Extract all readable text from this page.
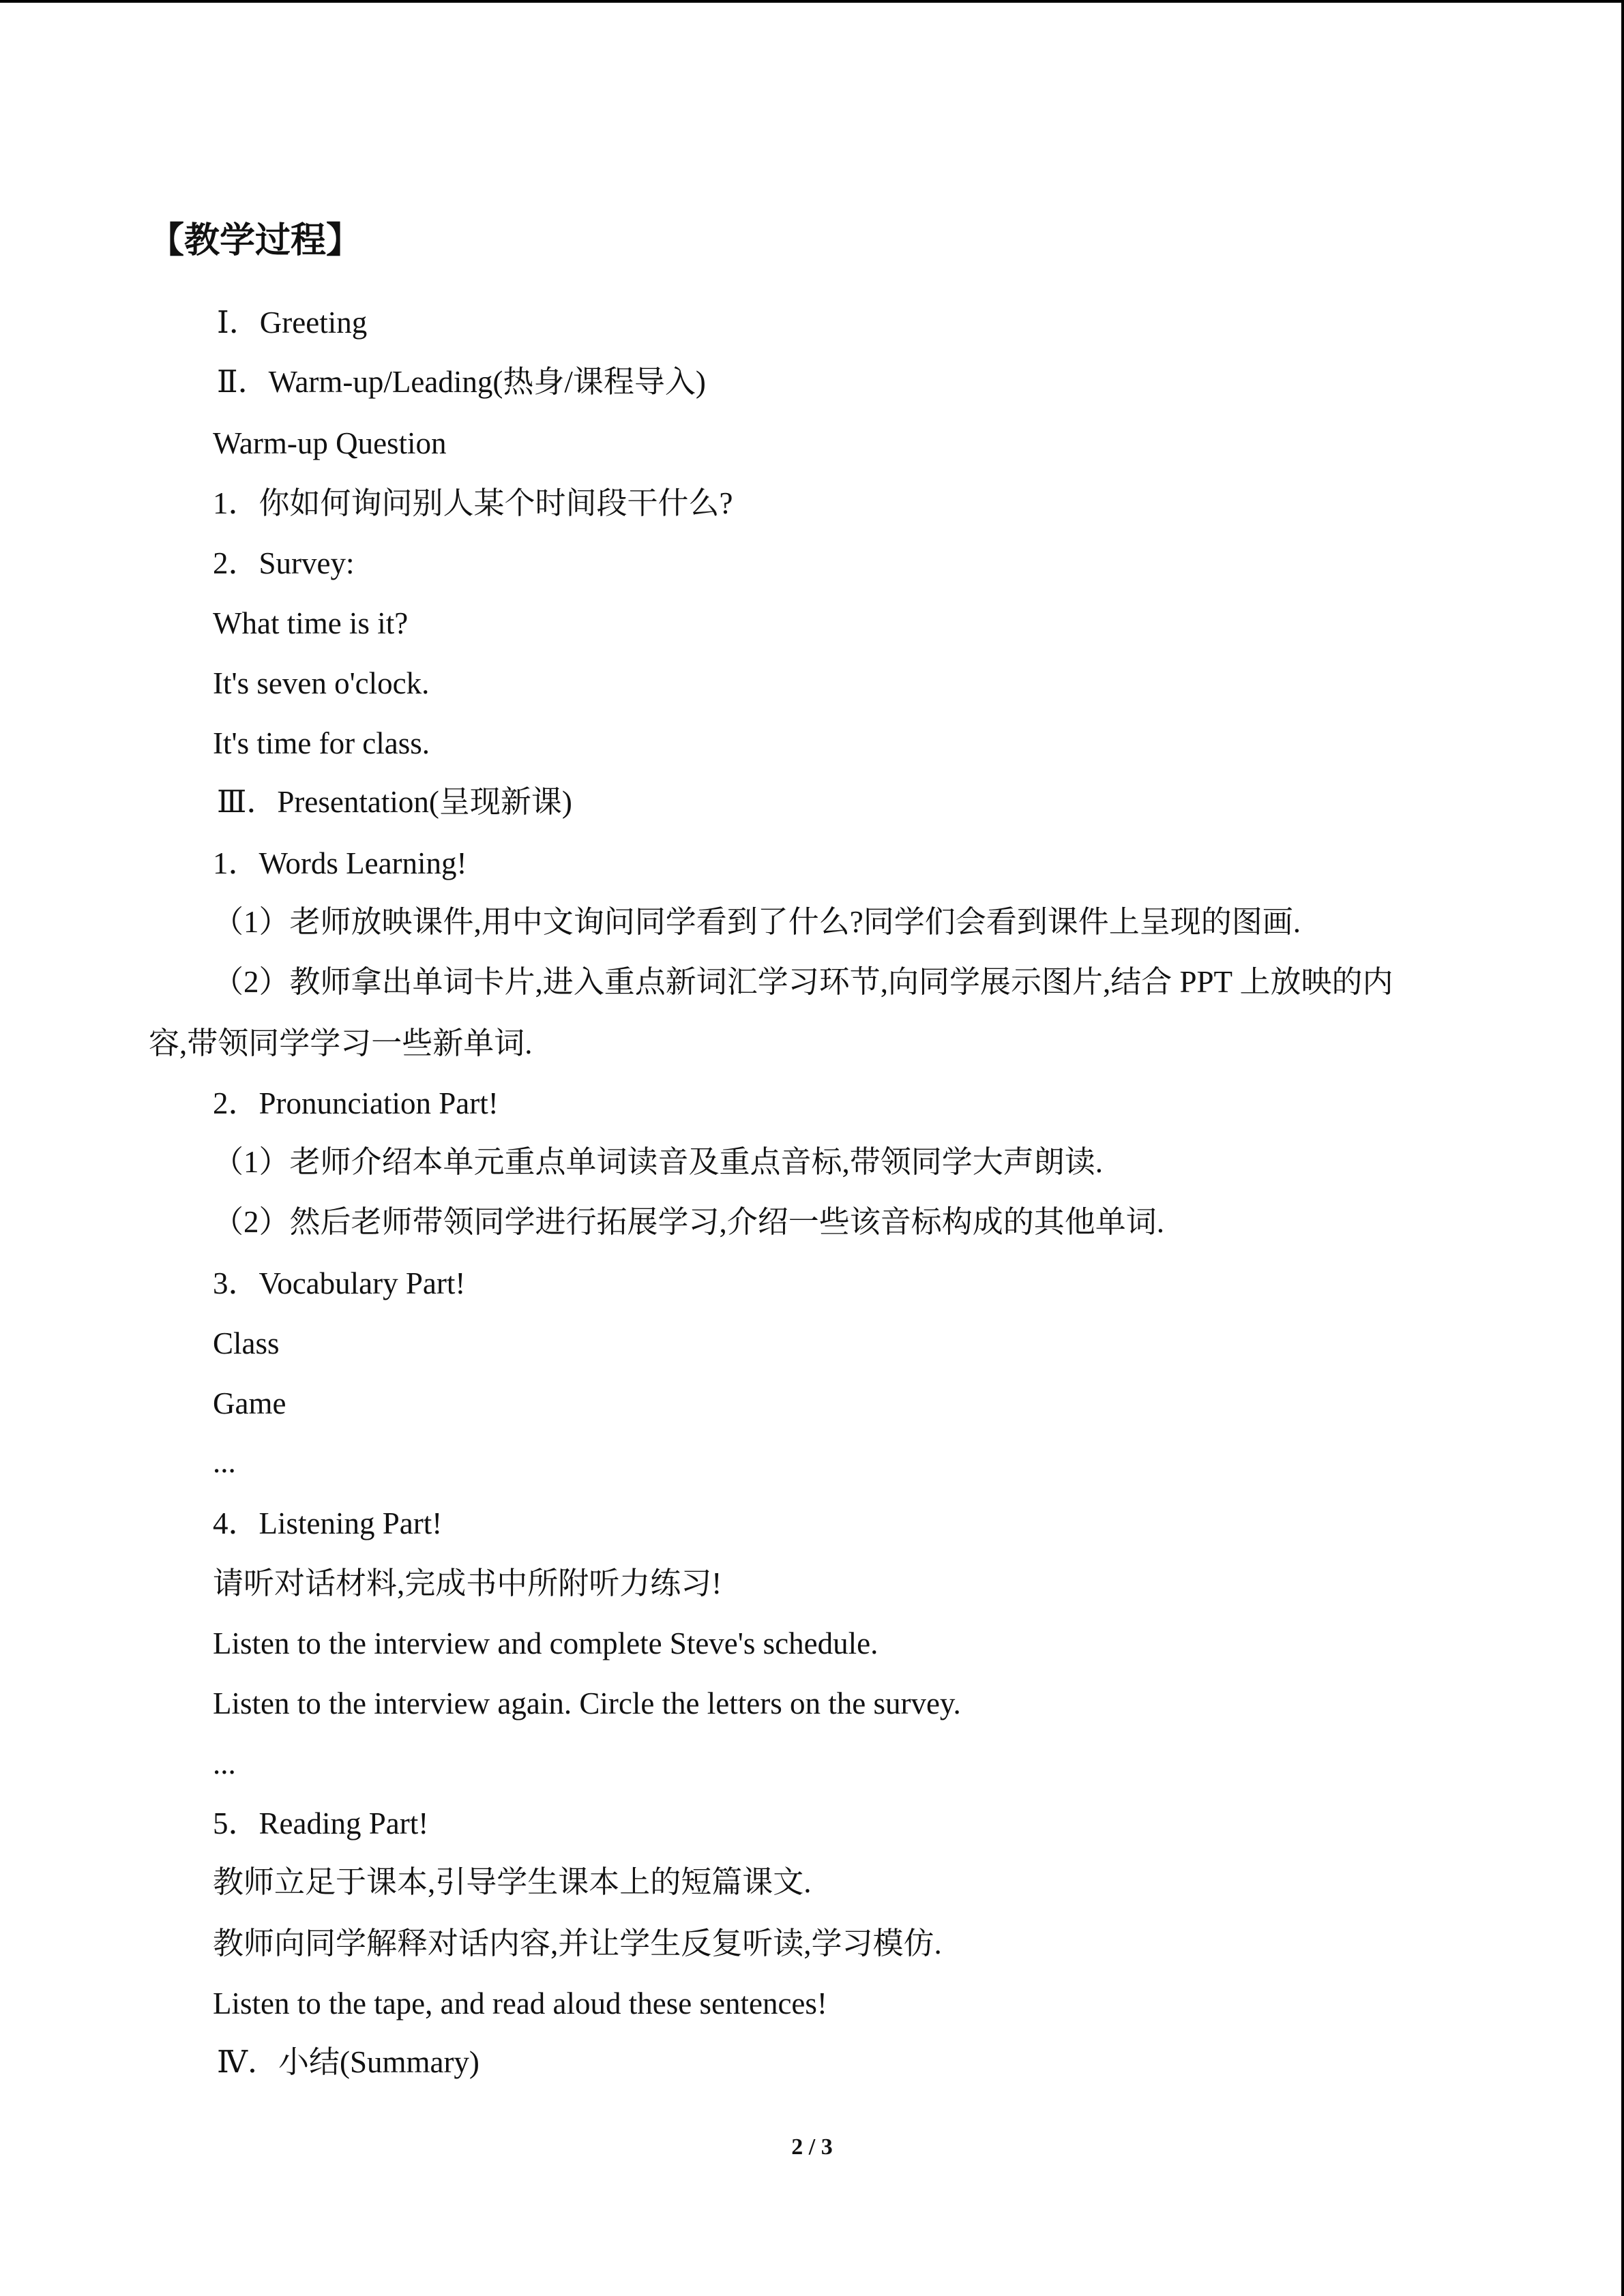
【教学过程】
Ⅰ．Greeting
Ⅱ．Warm-up/Leading(热身/课程导入)
Warm-up Question
1．你如何询问别人某个时间段干什么?
2．Survey:
What time is it?
It's seven o'clock.
It's time for class.
Ⅲ．Presentation(呈现新课)
1．Words Learning!
（1）老师放映课件,用中文询问同学看到了什么?同学们会看到课件上呈现的图画.
（2）教师拿出单词卡片,进入重点新词汇学习环节,向同学展示图片,结合 PPT 上放映的内
容,带领同学学习一些新单词.
2．Pronunciation Part!
（1）老师介绍本单元重点单词读音及重点音标,带领同学大声朗读.
（2）然后老师带领同学进行拓展学习,介绍一些该音标构成的其他单词.
3．Vocabulary Part!
Class
Game
...
4．Listening Part!
请听对话材料,完成书中所附听力练习!
Listen to the interview and complete Steve's schedule.
Listen to the interview again. Circle the letters on the survey.
...
5．Reading Part!
教师立足于课本,引导学生课本上的短篇课文.
教师向同学解释对话内容,并让学生反复听读,学习模仿.
Listen to the tape, and read aloud these sentences!
Ⅳ．小结(Summary)
2 / 3
